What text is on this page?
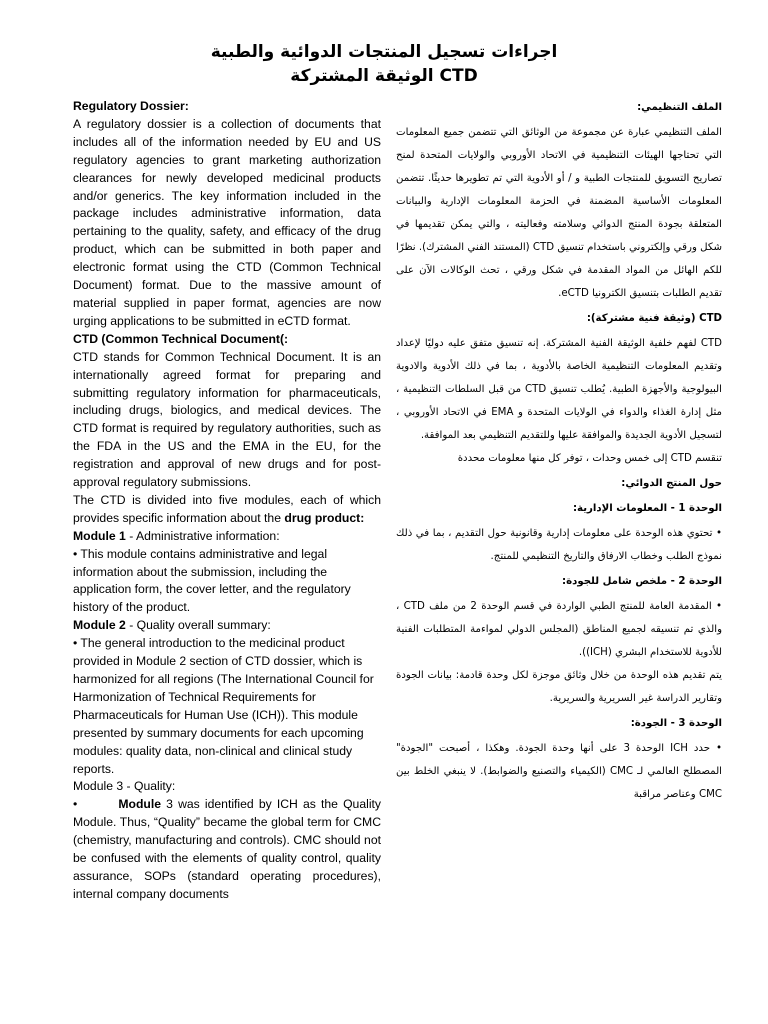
اجراءات تسجيل المنتجات الدوائية والطبية
الوثيقة المشتركة CTD

Regulatory Dossier:

A regulatory dossier is a collection of documents that includes all of the information needed by EU and US regulatory agencies to grant marketing authorization clearances for newly developed medicinal products and/or generics. The key information included in the package includes administrative information, data pertaining to the quality, safety, and efficacy of the drug product, which can be submitted in both paper and electronic format using the CTD (Common Technical Document) format. Due to the massive amount of material supplied in paper format, agencies are now urging applications to be submitted in eCTD format.

CTD (Common Technical Document(:

CTD stands for Common Technical Document. It is an internationally agreed format for preparing and submitting regulatory information for pharmaceuticals, including drugs, biologics, and medical devices. The CTD format is required by regulatory authorities, such as the FDA in the US and the EMA in the EU, for the registration and approval of new drugs and for post-approval regulatory submissions.

The CTD is divided into five modules, each of which provides specific information about the drug product:

Module 1 - Administrative information:

• This module contains administrative and legal information about the submission, including the application form, the cover letter, and the regulatory history of the product.

Module 2 - Quality overall summary:

• The general introduction to the medicinal product provided in Module 2 section of CTD dossier, which is harmonized for all regions (The International Council for Harmonization of Technical Requirements for Pharmaceuticals for Human Use (ICH)). This module presented by summary documents for each upcoming modules: quality data, non-clinical and clinical study reports.

Module 3 - Quality:

•        Module 3 was identified by ICH as the Quality Module. Thus, “Quality” became the global term for CMC (chemistry, manufacturing and controls). CMC should not be confused with the elements of quality control, quality assurance, SOPs (standard operating procedures), internal company documents

الملف التنظيمي:

الملف التنظيمي عبارة عن مجموعة من الوثائق التي تتضمن جميع المعلومات التي تحتاجها الهيئات التنظيمية في الاتحاد الأوروبي والولايات المتحدة لمنح تصاريح التسويق للمنتجات الطبية و / أو الأدوية التي تم تطويرها حديثًا. تتضمن المعلومات الأساسية المضمنة في الحزمة المعلومات الإدارية والبيانات المتعلقة بجودة المنتج الدوائي وسلامته وفعاليته ، والتي يمكن تقديمها في شكل ورقي وإلكتروني باستخدام تنسيق CTD (المستند الفني المشترك). نظرًا للكم الهائل من المواد المقدمة في شكل ورقي ، تحث الوكالات الآن على تقديم الطلبات بتنسيق الكترونيا eCTD.

CTD (وثيقة فنية مشتركة):

CTD لفهم خلفية الوثيقة الفنية المشتركة. إنه تنسيق متفق عليه دوليًا لإعداد وتقديم المعلومات التنظيمية الخاصة بالأدوية ، بما في ذلك الأدوية والادوية البيولوجية والأجهزة الطبية. يُطلب تنسيق CTD من قبل السلطات التنظيمية ، مثل إدارة الغذاء والدواء في الولايات المتحدة و EMA في الاتحاد الأوروبي ، لتسجيل الأدوية الجديدة والموافقة عليها وللتقديم التنظيمي بعد الموافقة.

تنقسم CTD إلى خمس وحدات ، توفر كل منها معلومات محددة

حول المنتج الدوائي:

الوحدة 1 - المعلومات الإدارية:

• تحتوي هذه الوحدة على معلومات إدارية وقانونية حول التقديم ، بما في ذلك نموذج الطلب وخطاب الارفاق والتاريخ التنظيمي للمنتج.

الوحدة 2 - ملخص شامل للجودة:

• المقدمة العامة للمنتج الطبي الواردة في قسم الوحدة 2 من ملف CTD ، والذي تم تنسيقه لجميع المناطق (المجلس الدولي لمواءمة المتطلبات الفنية للأدوية للاستخدام البشري (ICH)).

يتم تقديم هذه الوحدة من خلال وثائق موجزة لكل وحدة قادمة: بيانات الجودة وتقارير الدراسة غير السريرية والسريرية.

الوحدة 3 - الجودة:

• حدد ICH الوحدة 3 على أنها وحدة الجودة. وهكذا ، أصبحت "الجودة" المصطلح العالمي لـ CMC (الكيمياء والتصنيع والضوابط). لا ينبغي الخلط بين CMC وعناصر مراقبة
